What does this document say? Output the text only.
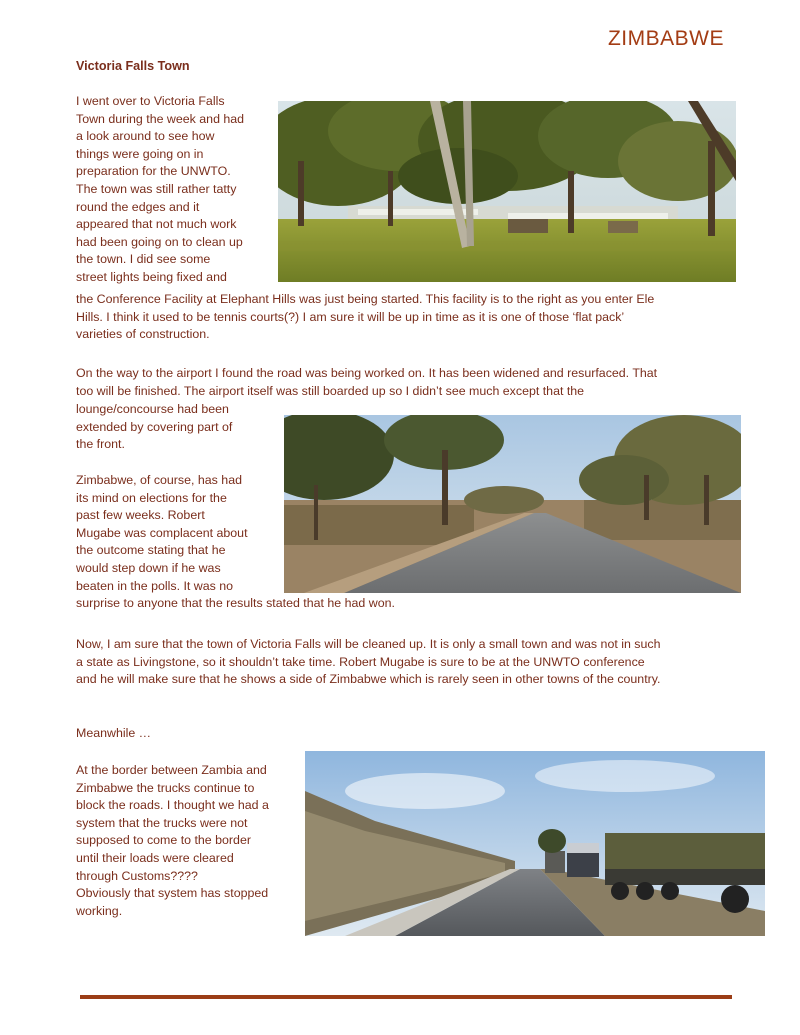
ZIMBABWE
Victoria Falls Town

I went over to Victoria Falls
Town during the week and had
a look around to see how
things were going on in
preparation for the UNWTO.
The town was still rather tatty
round the edges and it
appeared that not much work
had been going on to clean up
the town. I did see some
street lights being fixed and

the Conference Facility at Elephant Hills was just being started. This facility is to the right as you enter Ele
Hills. I think it used to be tennis courts(?) I am sure it will be up in time as it is one of those ‘flat pack’
varieties of construction.

On the way to the airport I found the road was being worked on. It has been widened and resurfaced. That
too will be finished. The airport itself was still boarded up so I didn’t see much except that the

lounge/concourse had been
extended by covering part of
the front.

Zimbabwe, of course, has had
its mind on elections for the
past few weeks. Robert
Mugabe was complacent about
the outcome stating that he
would step down if he was
beaten in the polls. It was no

surprise to anyone that the results stated that he had won.

Now, I am sure that the town of Victoria Falls will be cleaned up. It is only a small town and was not in such
a state as Livingstone, so it shouldn’t take time. Robert Mugabe is sure to be at the UNWTO conference
and he will make sure that he shows a side of Zimbabwe which is rarely seen in other towns of the country.

Meanwhile …

At the border between Zambia and
Zimbabwe the trucks continue to
block the roads. I thought we had a
system that the trucks were not
supposed to come to the border
until their loads were cleared
through Customs????
Obviously that system has stopped
working.
